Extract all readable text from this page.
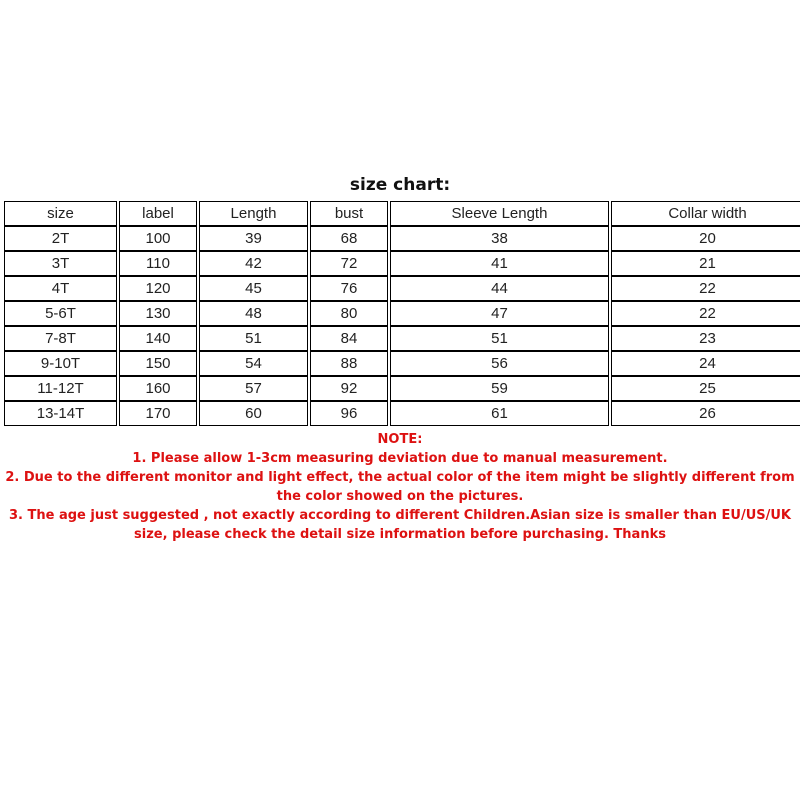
size chart:
size	label	Length	bust	Sleeve Length	Collar width
2T	100	39	68	38	20
3T	110	42	72	41	21
4T	120	45	76	44	22
5-6T	130	48	80	47	22
7-8T	140	51	84	51	23
9-10T	150	54	88	56	24
11-12T	160	57	92	59	25
13-14T	170	60	96	61	26
NOTE:
1. Please allow 1-3cm measuring deviation due to manual measurement.
2. Due to the different monitor and light effect, the actual color of the item might be slightly different from the color showed on the pictures.
3. The age just suggested , not exactly according to different Children.Asian size is smaller than EU/US/UK size, please check the detail size information before purchasing. Thanks
